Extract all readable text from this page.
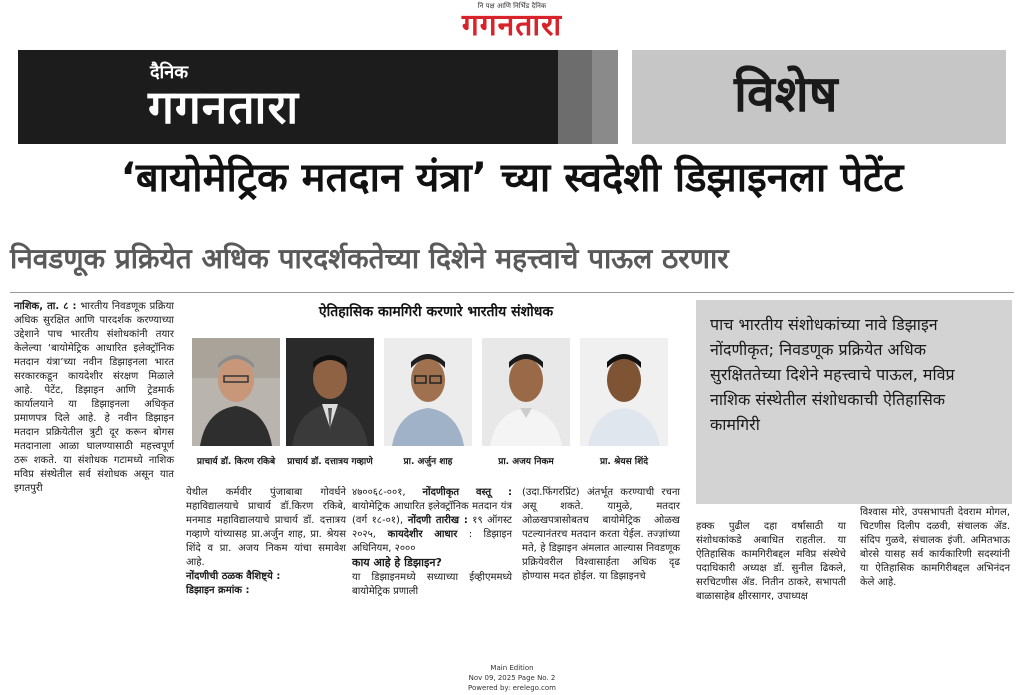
नि पक्ष आणि निर्भिड दैनिक
गगनतारा
दैनिक
गगनतारा	विशेष
‘बायोमेट्रिक मतदान यंत्रा’ च्या स्वदेशी डिझाइनला पेटेंट
निवडणूक प्रक्रियेत अधिक पारदर्शकतेच्या दिशेने महत्त्वाचे पाऊल ठरणार
नाशिक, ता. ८ : भारतीय निवडणूक प्रक्रिया अधिक सुरक्षित आणि पारदर्शक करण्याच्या उद्देशाने पाच भारतीय संशोधकांनी तयार केलेल्या ‘बायोमेट्रिक आधारित इलेक्ट्रॉनिक मतदान यंत्रा’च्या नवीन डिझाइनला भारत सरकारकडून कायदेशीर संरक्षण मिळाले आहे. पेटेंट, डिझाइन आणि ट्रेडमार्क कार्यालयाने या डिझाइनला अधिकृत प्रमाणपत्र दिले आहे. हे नवीन डिझाइन मतदान प्रक्रियेतील त्रुटी दूर करून बोगस मतदानाला आळा घालण्यासाठी महत्त्वपूर्ण ठरू शकते. या संशोधक गटामध्ये नाशिक मविप्र संस्थेतील सर्व संशोधक असून यात इगतपुरी
ऐतिहासिक कामगिरी करणारे भारतीय संशोधक
प्राचार्य डॉ. किरण रकिबे	प्राचार्य डॉ. दत्तात्रय गव्हाणे	प्रा. अर्जुन शाह	प्रा. अजय निकम	प्रा. श्रेयस शिंदे
येथील कर्मवीर पुंजाबाबा गोवर्धने महाविद्यालयाचे प्राचार्य डॉ.किरण रकिबे, मनमाड महाविद्यालयाचे प्राचार्य डॉ. दत्तात्रय गव्हाणे यांच्यासह प्रा.अर्जुन शाह, प्रा. श्रेयस शिंदे व प्रा. अजय निकम यांचा समावेश आहे.
नोंदणीची ठळक वैशिष्ट्ये :
डिझाइन क्रमांक :
४७००६८-००१, नोंदणीकृत वस्तू : बायोमेट्रिक आधारित इलेक्ट्रॉनिक मतदान यंत्र (वर्ग १८-०१), नोंदणी तारीख : १९ ऑगस्ट २०२५, कायदेशीर आधार : डिझाइन अधिनियम, २०००
काय आहे हे डिझाइन?
या डिझाइनमध्ये सध्याच्या ईव्हीएममध्ये बायोमेट्रिक प्रणाली
(उदा.फिंगरप्रिंट) अंतर्भूत करण्याची रचना असू शकते. यामुळे, मतदार ओळखपत्रासोबतच बायोमेट्रिक ओळख पटल्यानंतरच मतदान करता येईल. तज्ज्ञांच्या मते, हे डिझाइन अंमलात आल्यास निवडणूक प्रक्रियेवरील विश्वासार्हता अधिक दृढ होण्यास मदत होईल. या डिझाइनचे

पाच भारतीय संशोधकांच्या नावे डिझाइन नोंदणीकृत; निवडणूक प्रक्रियेत अधिक सुरक्षिततेच्या दिशेने महत्त्वाचे पाऊल, मविप्र नाशिक संस्थेतील संशोधकाची ऐतिहासिक कामगिरी

हक्क पुढील दहा वर्षांसाठी या संशोधकांकडे अबाधित राहतील. या ऐतिहासिक कामगिरीबद्दल मविप्र संस्थेचे पदाधिकारी अध्यक्ष डॉ. सुनील ढिकले, सरचिटणीस ॲड. नितीन ठाकरे, सभापती बाळासाहेब क्षीरसागर, उपाध्यक्ष
विश्वास मोरे, उपसभापती देवराम मोगल, चिटणीस दिलीप दळवी, संचालक ॲड. संदिप गुळवे, संचालक इंजी. अमितभाऊ बोरसे यासह सर्व कार्यकारिणी सदस्यांनी या ऐतिहासिक कामगिरीबद्दल अभिनंदन केले आहे.
Main Edition
Nov 09, 2025 Page No. 2
Powered by: erelego.com
